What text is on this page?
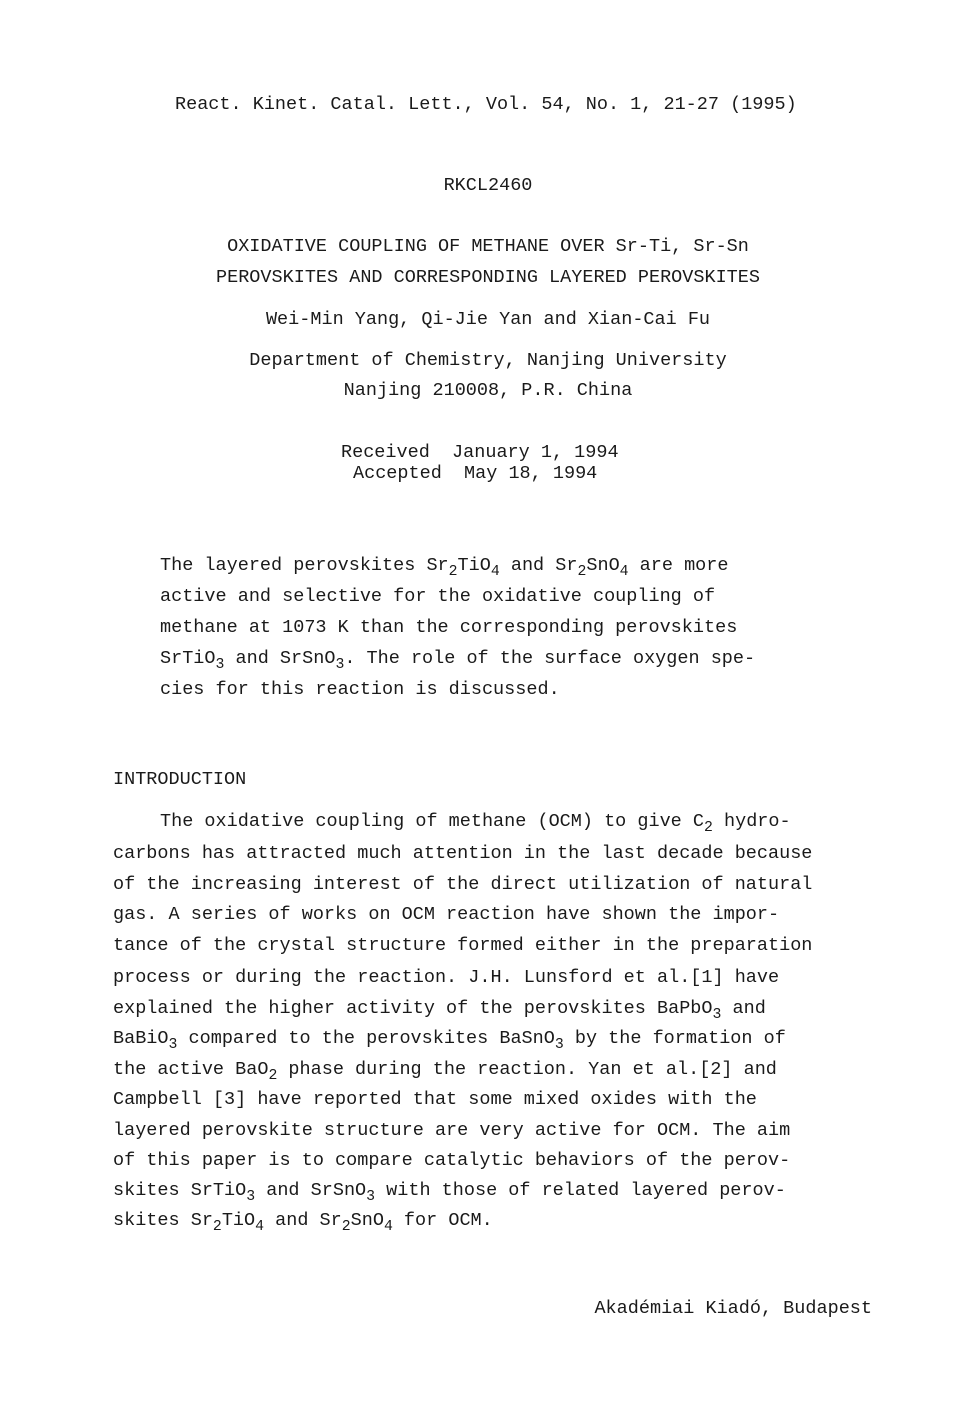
React. Kinet. Catal. Lett., Vol. 54, No. 1, 21-27 (1995)
RKCL2460
OXIDATIVE COUPLING OF METHANE OVER Sr-Ti, Sr-Sn
PEROVSKITES AND CORRESPONDING LAYERED PEROVSKITES
Wei-Min Yang, Qi-Jie Yan and Xian-Cai Fu
Department of Chemistry, Nanjing University
Nanjing 210008, P.R. China
Received January 1, 1994
Accepted May 18, 1994
The layered perovskites $Sr_2TiO_4$ and $Sr_2SnO_4$ are more
active and selective for the oxidative coupling of
methane at 1073 K than the corresponding perovskites
SrTiO$_3$ and SrSnO$_3$. The role of the surface oxygen spe-
cies for this reaction is discussed.
INTRODUCTION
The oxidative coupling of methane (OCM) to give $C_2$ hydro-
carbons has attracted much attention in the last decade because
of the increasing interest of the direct utilization of natural
gas. A series of works on OCM reaction have shown the impor-
tance of the crystal structure formed either in the preparation
process or during the reaction. J.H. Lunsford et al.[1] have
explained the higher activity of the perovskites BaPbO$_3$ and
BaBiO$_3$ compared to the perovskites BaSnO$_3$ by the formation of
the active BaO$_2$ phase during the reaction. Yan et al.[2] and
Campbell [3] have reported that some mixed oxides with the
layered perovskite structure are very active for OCM. The aim
of this paper is to compare catalytic behaviors of the perov-
skites SrTiO$_3$ and SrSnO$_3$ with those of related layered perov-
skites $Sr_2TiO_4$ and $Sr_2SnO_4$ for OCM.
Akadémiai Kiadó, Budapest
